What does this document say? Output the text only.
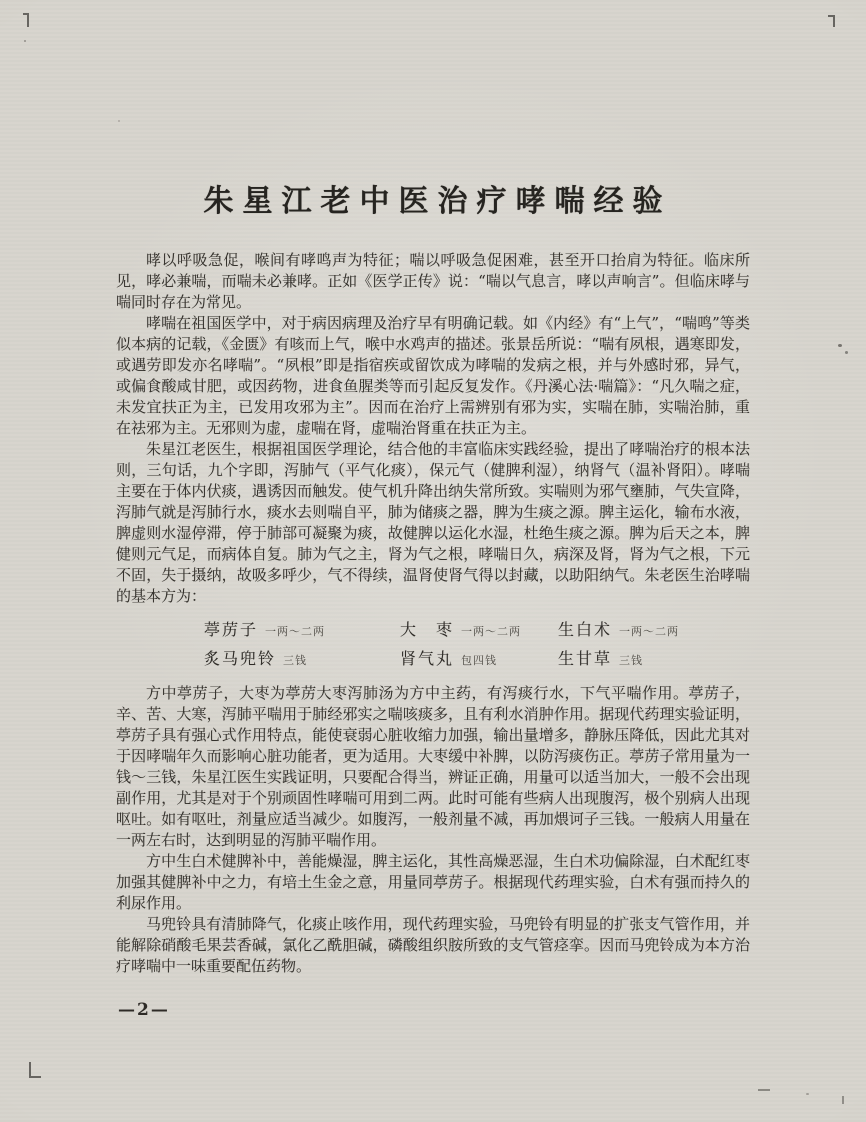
朱星江老中医治疗哮喘经验

哮以呼吸急促，喉间有哮鸣声为特征；喘以呼吸急促困难，甚至开口抬肩为特征。临床所见，哮必兼喘，而喘未必兼哮。正如《医学正传》说：“喘以气息言，哮以声响言”。但临床哮与喘同时存在为常见。

哮喘在祖国医学中，对于病因病理及治疗早有明确记载。如《内经》有“上气”，“喘鸣”等类似本病的记载，《金匮》有咳而上气，喉中水鸡声的描述。张景岳所说：“喘有夙根，遇寒即发，或遇劳即发亦名哮喘”。“夙根”即是指宿疾或留饮成为哮喘的发病之根，并与外感时邪，异气，或偏食酸咸甘肥，或因药物，进食鱼腥类等而引起反复发作。《丹溪心法·喘篇》：“凡久喘之症，未发宜扶正为主，已发用攻邪为主”。因而在治疗上需辨别有邪为实，实喘在肺，实喘治肺，重在祛邪为主。无邪则为虚，虚喘在肾，虚喘治肾重在扶正为主。

朱星江老医生，根据祖国医学理论，结合他的丰富临床实践经验，提出了哮喘治疗的根本法则，三句话，九个字即，泻肺气（平气化痰），保元气（健脾利湿），纳肾气（温补肾阳）。哮喘主要在于体内伏痰，遇诱因而触发。使气机升降出纳失常所致。实喘则为邪气壅肺，气失宣降，泻肺气就是泻肺行水，痰水去则喘自平，肺为储痰之器，脾为生痰之源。脾主运化，输布水液，脾虚则水湿停滞，停于肺部可凝聚为痰，故健脾以运化水湿，杜绝生痰之源。脾为后天之本，脾健则元气足，而病体自复。肺为气之主，肾为气之根，哮喘日久，病深及肾，肾为气之根，下元不固，失于摄纳，故吸多呼少，气不得续，温肾使肾气得以封藏，以助阳纳气。朱老医生治哮喘的基本方为：

葶苈子 一两～二两	大　枣 一两～二两 生白术 一两～二两
炙马兜铃 三钱	肾气丸 包四钱	生甘草 三钱

方中葶苈子，大枣为葶苈大枣泻肺汤为方中主药，有泻痰行水，下气平喘作用。葶苈子，辛、苦、大寒，泻肺平喘用于肺经邪实之喘咳痰多，且有利水消肿作用。据现代药理实验证明，葶苈子具有强心式作用特点，能使衰弱心脏收缩力加强，输出量增多，静脉压降低，因此尤其对于因哮喘年久而影响心脏功能者，更为适用。大枣缓中补脾，以防泻痰伤正。葶苈子常用量为一钱～三钱，朱星江医生实践证明，只要配合得当，辨证正确，用量可以适当加大，一般不会出现副作用，尤其是对于个别顽固性哮喘可用到二两。此时可能有些病人出现腹泻，极个别病人出现呕吐。如有呕吐，剂量应适当减少。如腹泻，一般剂量不减，再加煨诃子三钱。一般病人用量在一两左右时，达到明显的泻肺平喘作用。

方中生白术健脾补中，善能燥湿，脾主运化，其性高燥恶湿，生白术功偏除湿，白术配红枣加强其健脾补中之力，有培土生金之意，用量同葶苈子。根据现代药理实验，白术有强而持久的利尿作用。

马兜铃具有清肺降气，化痰止咳作用，现代药理实验，马兜铃有明显的扩张支气管作用，并能解除硝酸毛果芸香碱，氯化乙酰胆碱，磷酸组织胺所致的支气管痉挛。因而马兜铃成为本方治疗哮喘中一味重要配伍药物。

—2—
